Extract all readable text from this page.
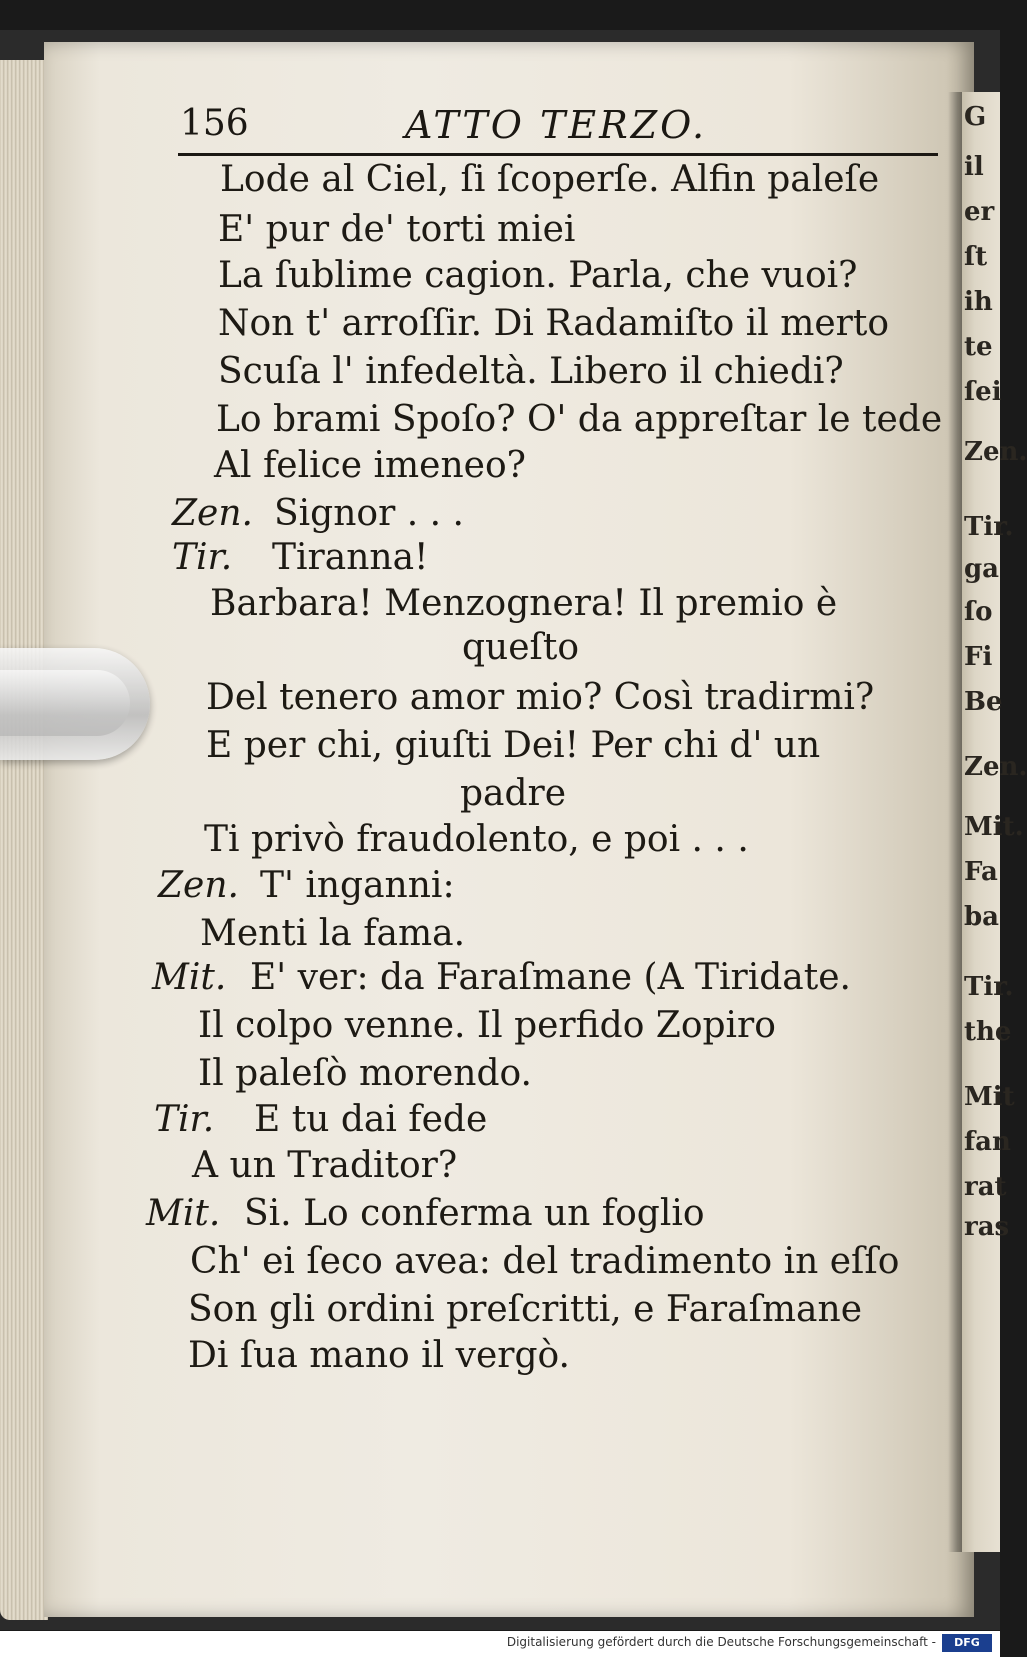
G
il
er
ſt
ih
te
ſei
Zen.
Tir.
ga
ſo
Fi
Be
Zen.
Mit.
Fa
ba
Tir.
the
Mit
fan
rat
ras
156	ATTO TERZO.
Lode al Ciel, ſi ſcoperſe. Alfin paleſe
E' pur de' torti miei
La ſublime cagion. Parla, che vuoi?
Non t' arroſſir. Di Radamiſto il merto
Scuſa l' infedeltà. Libero il chiedi?
Lo brami Spoſo? O' da appreſtar le tede
Al felice imeneo?
Zen. Signor . . .
Tir. Tiranna!
Barbara! Menzognera! Il premio è
queſto
Del tenero amor mio? Così tradirmi?
E per chi, giuſti Dei! Per chi d' un
padre
Ti privò fraudolento, e poi . . .
Zen. T' inganni:
Menti la fama.
Mit. E' ver: da Faraſmane (A Tiridate.
Il colpo venne. Il perfido Zopiro
Il paleſò morendo.
Tir. E tu dai fede
A un Traditor?
Mit. Si. Lo conferma un foglio
Ch' ei ſeco avea: del tradimento in eſſo
Son gli ordini preſcritti, e Faraſmane
Di ſua mano il vergò.
Digitalisierung gefördert durch die Deutsche Forschungsgemeinschaft -	DFG
